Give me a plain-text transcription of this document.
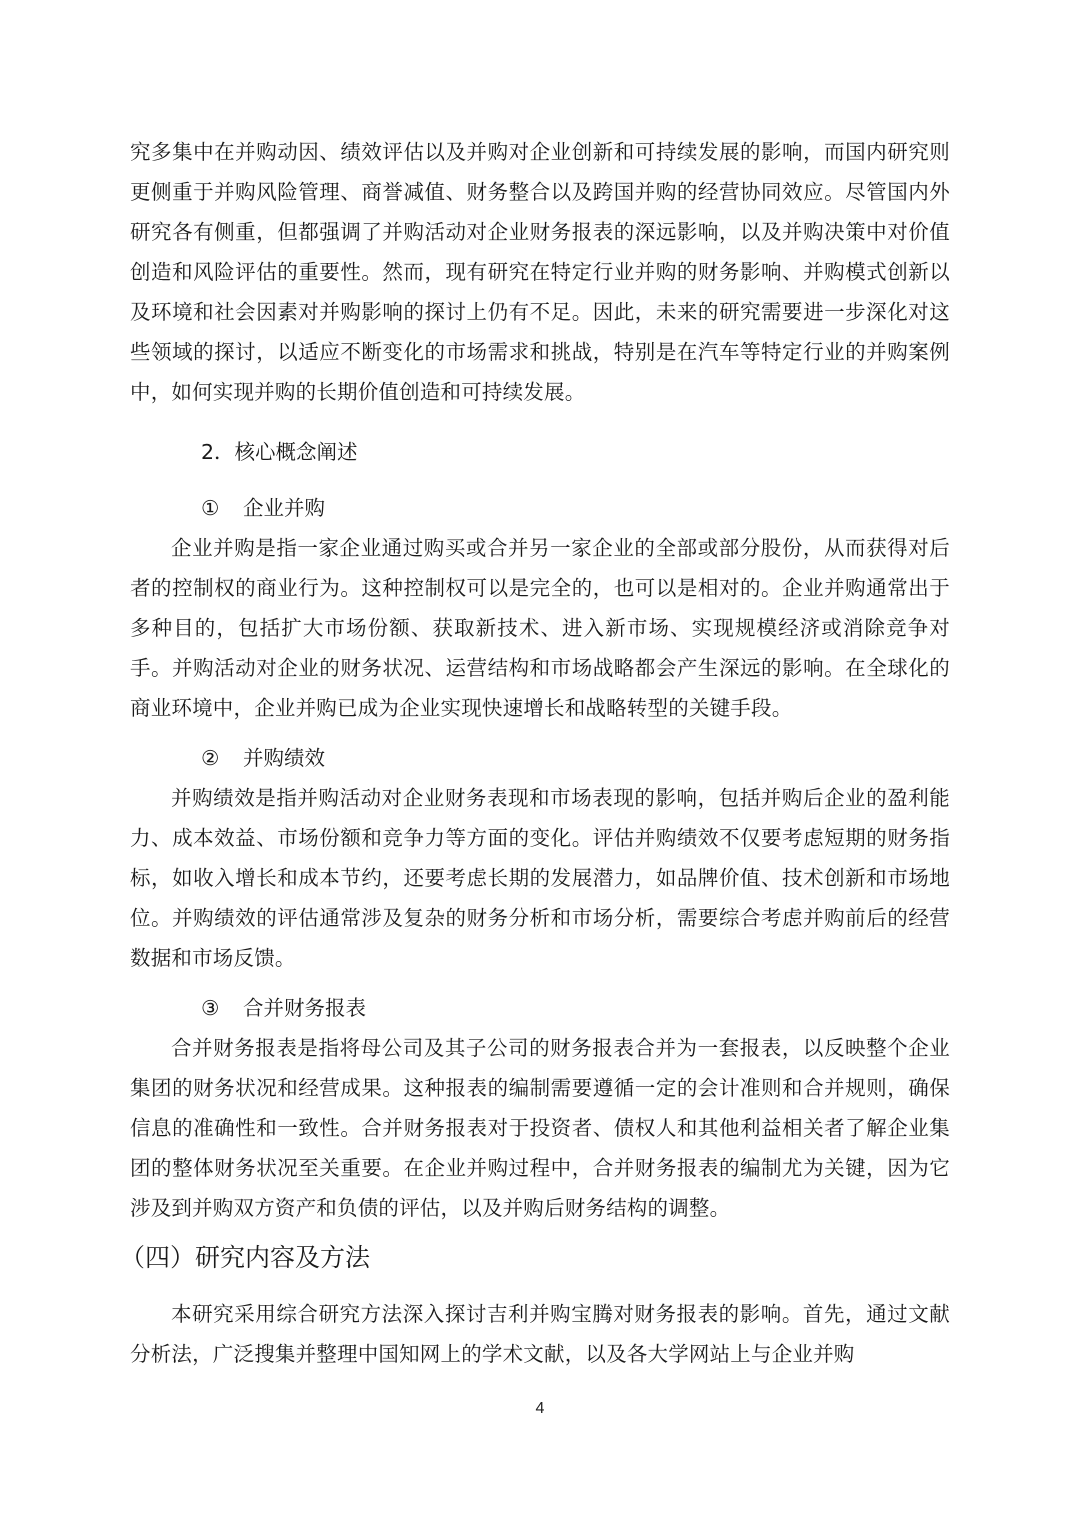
究多集中在并购动因、绩效评估以及并购对企业创新和可持续发展的影响，而国内研究则更侧重于并购风险管理、商誉减值、财务整合以及跨国并购的经营协同效应。尽管国内外研究各有侧重，但都强调了并购活动对企业财务报表的深远影响，以及并购决策中对价值创造和风险评估的重要性。然而，现有研究在特定行业并购的财务影响、并购模式创新以及环境和社会因素对并购影响的探讨上仍有不足。因此，未来的研究需要进一步深化对这些领域的探讨，以适应不断变化的市场需求和挑战，特别是在汽车等特定行业的并购案例中，如何实现并购的长期价值创造和可持续发展。

2．核心概念阐述
① 企业并购

企业并购是指一家企业通过购买或合并另一家企业的全部或部分股份，从而获得对后者的控制权的商业行为。这种控制权可以是完全的，也可以是相对的。企业并购通常出于多种目的，包括扩大市场份额、获取新技术、进入新市场、实现规模经济或消除竞争对手。并购活动对企业的财务状况、运营结构和市场战略都会产生深远的影响。在全球化的商业环境中，企业并购已成为企业实现快速增长和战略转型的关键手段。

② 并购绩效

并购绩效是指并购活动对企业财务表现和市场表现的影响，包括并购后企业的盈利能力、成本效益、市场份额和竞争力等方面的变化。评估并购绩效不仅要考虑短期的财务指标，如收入增长和成本节约，还要考虑长期的发展潜力，如品牌价值、技术创新和市场地位。并购绩效的评估通常涉及复杂的财务分析和市场分析，需要综合考虑并购前后的经营数据和市场反馈。

③ 合并财务报表

合并财务报表是指将母公司及其子公司的财务报表合并为一套报表，以反映整个企业集团的财务状况和经营成果。这种报表的编制需要遵循一定的会计准则和合并规则，确保信息的准确性和一致性。合并财务报表对于投资者、债权人和其他利益相关者了解企业集团的整体财务状况至关重要。在企业并购过程中，合并财务报表的编制尤为关键，因为它涉及到并购双方资产和负债的评估，以及并购后财务结构的调整。

（四）研究内容及方法

本研究采用综合研究方法深入探讨吉利并购宝腾对财务报表的影响。首先，通过文献分析法，广泛搜集并整理中国知网上的学术文献，以及各大学网站上与企业并购

4
